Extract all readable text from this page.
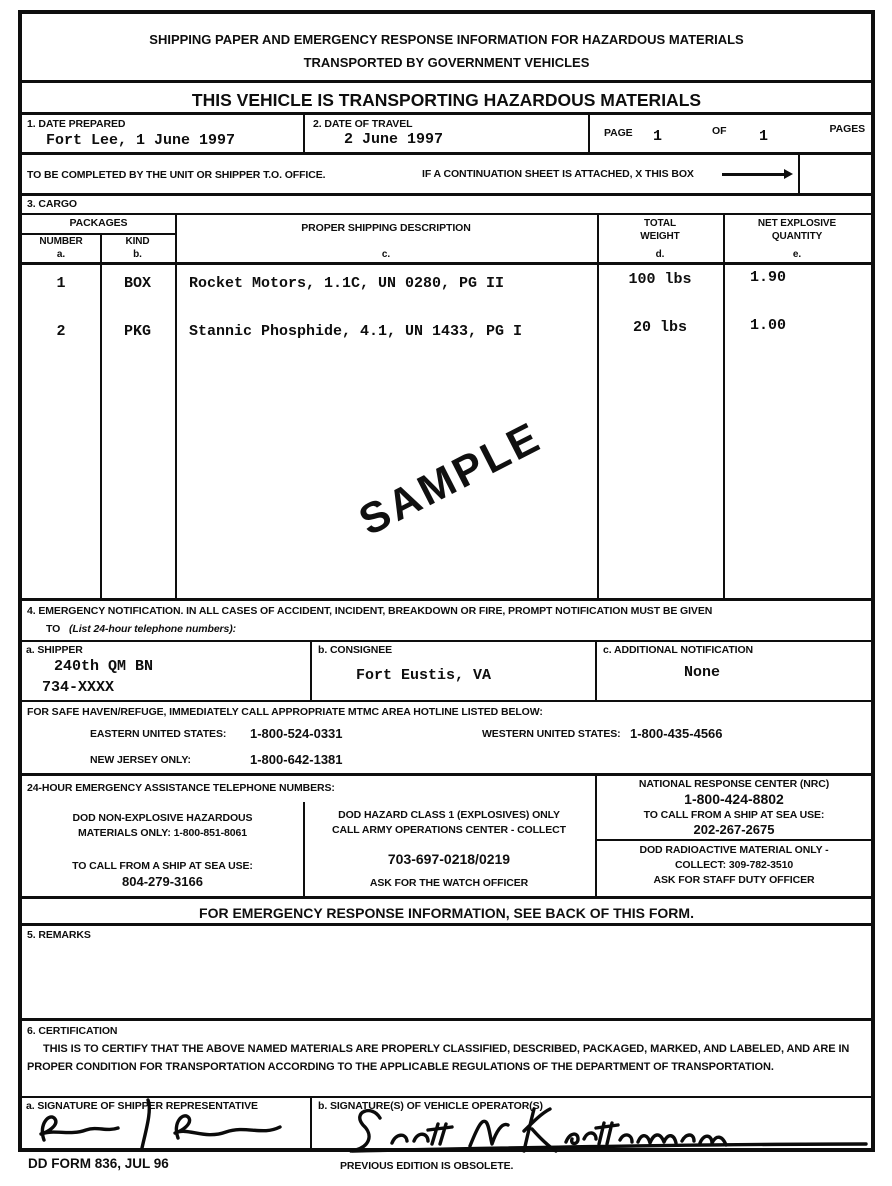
SHIPPING PAPER AND EMERGENCY RESPONSE INFORMATION FOR HAZARDOUS MATERIALS
TRANSPORTED BY GOVERNMENT VEHICLES
THIS VEHICLE IS TRANSPORTING HAZARDOUS MATERIALS
1. DATE PREPARED
Fort Lee, 1 June 1997
2. DATE OF TRAVEL
2 June 1997	PAGE 1	OF 1	PAGES
TO BE COMPLETED BY THE UNIT OR SHIPPER T.O. OFFICE.	IF A CONTINUATION SHEET IS ATTACHED, X THIS BOX
3. CARGO
PACKAGES
NUMBER
a.
KIND
b.
PROPER SHIPPING DESCRIPTION
c.
TOTAL
WEIGHT
d.
NET EXPLOSIVE
QUANTITY
e.
1	BOX	Rocket Motors, 1.1C, UN 0280, PG II	100 lbs	1.90
2	PKG	Stannic Phosphide, 4.1, UN 1433, PG I	20 lbs	1.00
SAMPLE
4. EMERGENCY NOTIFICATION. IN ALL CASES OF ACCIDENT, INCIDENT, BREAKDOWN OR FIRE, PROMPT NOTIFICATION MUST BE GIVEN
TO (List 24-hour telephone numbers):
a. SHIPPER
240th QM BN
734-XXXX
b. CONSIGNEE
Fort Eustis, VA
c. ADDITIONAL NOTIFICATION
None
FOR SAFE HAVEN/REFUGE, IMMEDIATELY CALL APPROPRIATE MTMC AREA HOTLINE LISTED BELOW:
EASTERN UNITED STATES: 1-800-524-0331	WESTERN UNITED STATES: 1-800-435-4566
NEW JERSEY ONLY:	1-800-642-1381
24-HOUR EMERGENCY ASSISTANCE TELEPHONE NUMBERS:
DOD NON-EXPLOSIVE HAZARDOUS
MATERIALS ONLY: 1-800-851-8061
TO CALL FROM A SHIP AT SEA USE:
804-279-3166
DOD HAZARD CLASS 1 (EXPLOSIVES) ONLY
CALL ARMY OPERATIONS CENTER - COLLECT
703-697-0218/0219
ASK FOR THE WATCH OFFICER
NATIONAL RESPONSE CENTER (NRC)
1-800-424-8802
TO CALL FROM A SHIP AT SEA USE:
202-267-2675
DOD RADIOACTIVE MATERIAL ONLY -
COLLECT: 309-782-3510
ASK FOR STAFF DUTY OFFICER
FOR EMERGENCY RESPONSE INFORMATION, SEE BACK OF THIS FORM.
5. REMARKS
6. CERTIFICATION
THIS IS TO CERTIFY THAT THE ABOVE NAMED MATERIALS ARE PROPERLY CLASSIFIED, DESCRIBED, PACKAGED, MARKED, AND LABELED, AND ARE IN PROPER CONDITION FOR TRANSPORTATION ACCORDING TO THE APPLICABLE REGULATIONS OF THE DEPARTMENT OF TRANSPORTATION.
a. SIGNATURE OF SHIPPER REPRESENTATIVE	b. SIGNATURE(S) OF VEHICLE OPERATOR(S)
DD FORM 836, JUL 96	PREVIOUS EDITION IS OBSOLETE.
